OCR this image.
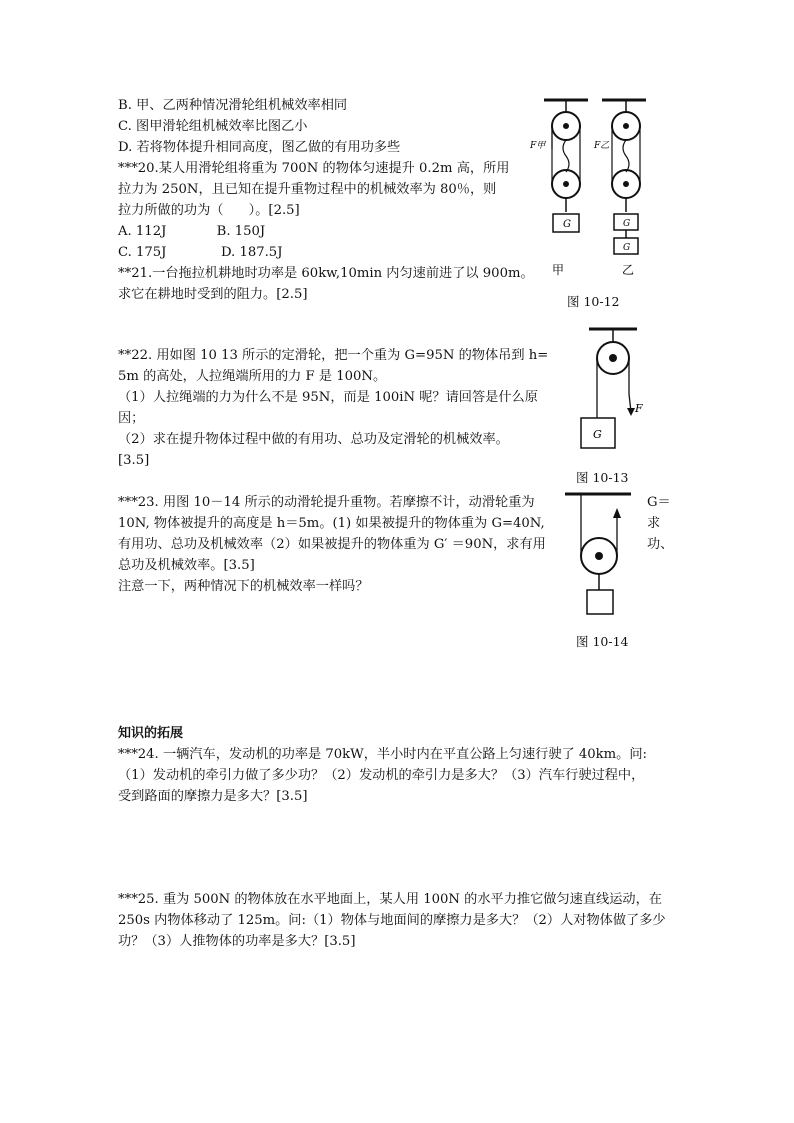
B. 甲、乙两种情况滑轮组机械效率相同
C. 图甲滑轮组机械效率比图乙小
D. 若将物体提升相同高度，图乙做的有用功多些
***20.某人用滑轮组将重为 700N 的物体匀速提升 0.2m 高，所用
拉力为 250N，且已知在提升重物过程中的机械效率为 80％，则
拉力所做的功为（      ）。[2.5]
A. 112J            B. 150J
C. 175J             D. 187.5J
**21.一台拖拉机耕地时功率是 60kw,10min 内匀速前进了以 900m。
求它在耕地时受到的阻力。[2.5]
G
F甲
G
G
F乙
甲	乙
图 10-12
**22. 用如图 10 13 所示的定滑轮，把一个重为 G=95N 的物体吊到 h=
5m 的高处，人拉绳端所用的力 F 是 100N。
（1）人拉绳端的力为什么不是 95N，而是 100iN 呢？请回答是什么原
因；
（2）求在提升物体过程中做的有用功、总功及定滑轮的机械效率。
[3.5]
G
F
图 10-13
***23. 用图 10－14 所示的动滑轮提升重物。若摩擦不计，动滑轮重为	G＝
10N, 物体被提升的高度是 h＝5m。(1) 如果被提升的物体重为 G=40N,	求
有用功、总功及机械效率（2）如果被提升的物体重为 G′ ＝90N，求有用	功、
总功及机械效率。[3.5]
注意一下，两种情况下的机械效率一样吗？
图 10-14
知识的拓展
***24. 一辆汽车，发动机的功率是 70kW，半小时内在平直公路上匀速行驶了 40km。问:
（1）发动机的牵引力做了多少功？（2）发动机的牵引力是多大？（3）汽车行驶过程中，
受到路面的摩擦力是多大？[3.5]
***25. 重为 500N 的物体放在水平地面上，某人用 100N 的水平力推它做匀速直线运动，在
250s 内物体移动了 125m。问:（1）物体与地面间的摩擦力是多大？（2）人对物体做了多少
功？（3）人推物体的功率是多大？[3.5]
